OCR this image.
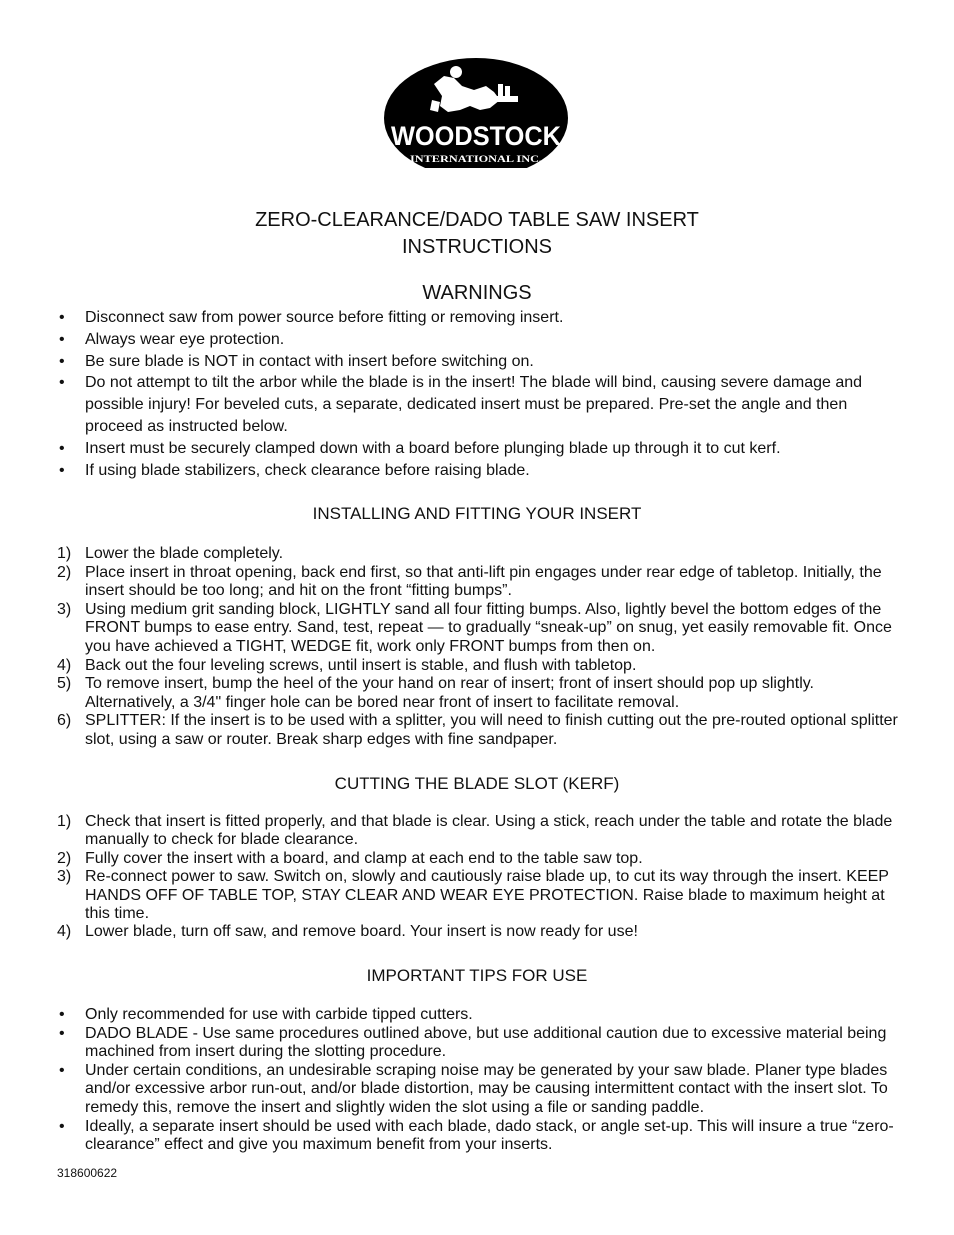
WOODSTOCK
INTERNATIONAL INC.
ZERO-CLEARANCE/DADO TABLE SAW INSERT
INSTRUCTIONS
WARNINGS
• Disconnect saw from power source before fitting or removing insert.
• Always wear eye protection.
• Be sure blade is NOT in contact with insert before switching on.
• Do not attempt to tilt the arbor while the blade is in the insert! The blade will bind, causing severe damage and possible injury! For beveled cuts, a separate, dedicated insert must be prepared. Pre-set the angle and then proceed as instructed below.
• Insert must be securely clamped down with a board before plunging blade up through it to cut kerf.
• If using blade stabilizers, check clearance before raising blade.
INSTALLING AND FITTING YOUR INSERT
1) Lower the blade completely.
2) Place insert in throat opening, back end first, so that anti-lift pin engages under rear edge of tabletop. Initially, the insert should be too long; and hit on the front “fitting bumps”.
3) Using medium grit sanding block, LIGHTLY sand all four fitting bumps. Also, lightly bevel the bottom edges of the FRONT bumps to ease entry. Sand, test, repeat — to gradually “sneak-up” on snug, yet easily removable fit. Once you have achieved a TIGHT, WEDGE fit, work only FRONT bumps from then on.
4) Back out the four leveling screws, until insert is stable, and flush with tabletop.
5) To remove insert, bump the heel of the your hand on rear of insert; front of insert should pop up slightly. Alternatively, a 3/4" finger hole can be bored near front of insert to facilitate removal.
6) SPLITTER: If the insert is to be used with a splitter, you will need to finish cutting out the pre-routed optional splitter slot, using a saw or router. Break sharp edges with fine sandpaper.
CUTTING THE BLADE SLOT (KERF)
1) Check that insert is fitted properly, and that blade is clear. Using a stick, reach under the table and rotate the blade manually to check for blade clearance.
2) Fully cover the insert with a board, and clamp at each end to the table saw top.
3) Re-connect power to saw. Switch on, slowly and cautiously raise blade up, to cut its way through the insert. KEEP HANDS OFF OF TABLE TOP, STAY CLEAR AND WEAR EYE PROTECTION. Raise blade to maximum height at this time.
4) Lower blade, turn off saw, and remove board. Your insert is now ready for use!
IMPORTANT TIPS FOR USE
• Only recommended for use with carbide tipped cutters.
• DADO BLADE - Use same procedures outlined above, but use additional caution due to excessive material being machined from insert during the slotting procedure.
• Under certain conditions, an undesirable scraping noise may be generated by your saw blade. Planer type blades and/or excessive arbor run-out, and/or blade distortion, may be causing intermittent contact with the insert slot. To remedy this, remove the insert and slightly widen the slot using a file or sanding paddle.
• Ideally, a separate insert should be used with each blade, dado stack, or angle set-up. This will insure a true “zero-clearance” effect and give you maximum benefit from your inserts.
318600622
